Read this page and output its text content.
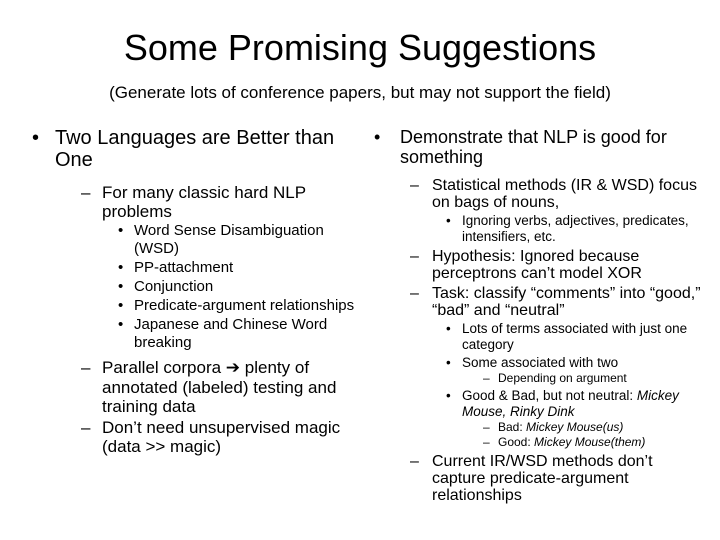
Some Promising Suggestions
(Generate lots of conference papers, but may not support the field)
• Two Languages are Better than One
– For many classic hard NLP problems
• Word Sense Disambiguation (WSD)
• PP-attachment
• Conjunction
• Predicate-argument relationships
• Japanese and Chinese Word breaking
– Parallel corpora ➔ plenty of annotated (labeled) testing and training data
– Don’t need unsupervised magic (data >> magic)
• Demonstrate that NLP is good for something
– Statistical methods (IR & WSD) focus on bags of nouns,
• Ignoring verbs, adjectives, predicates, intensifiers, etc.
– Hypothesis: Ignored because perceptrons can’t model XOR
– Task: classify “comments” into “good,” “bad” and “neutral”
• Lots of terms associated with just one category
• Some associated with two
– Depending on argument
• Good & Bad, but not neutral: Mickey Mouse, Rinky Dink
– Bad: Mickey Mouse(us)
– Good: Mickey Mouse(them)
– Current IR/WSD methods don’t capture predicate-argument relationships
